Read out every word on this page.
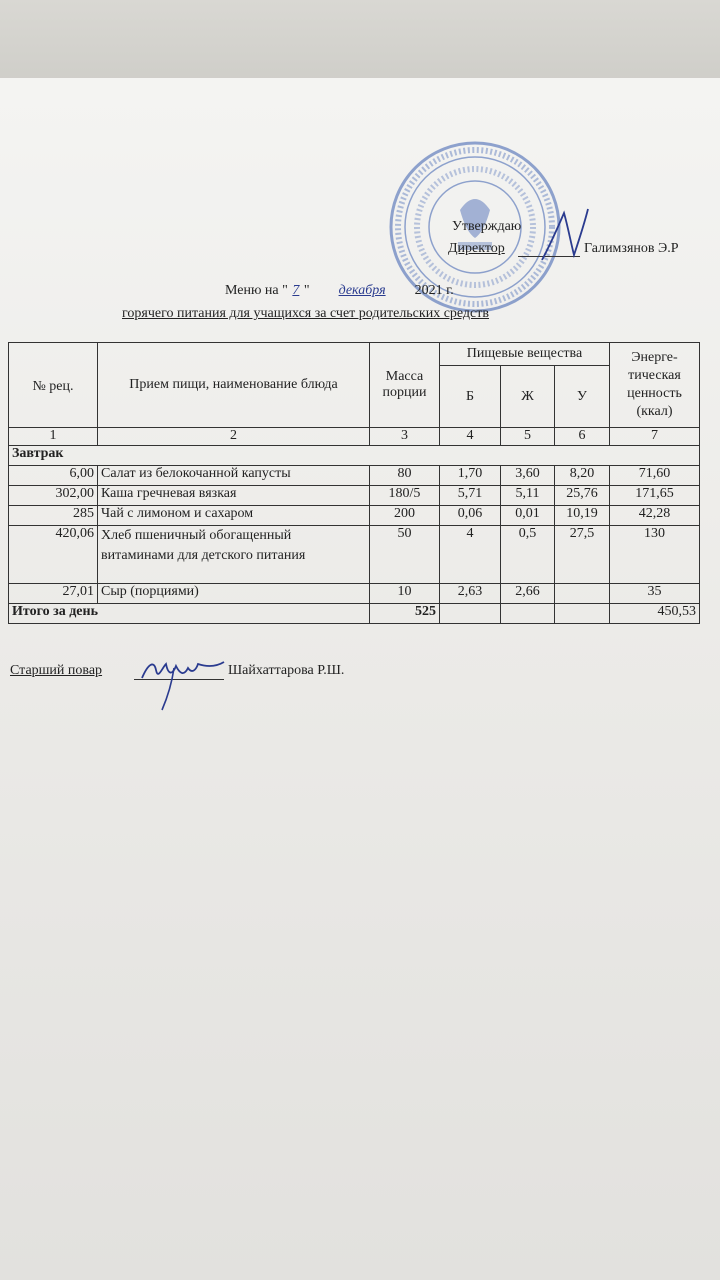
Утверждаю
Директор	Галимзянов Э.Р
Меню на " 7 " декабря 2021 г.
горячего питания для учащихся за счет родительских средств
№ рец.	Прием пищи, наименование блюда	Масса порции	Пищевые вещества			Энерге-тическая ценность (ккал)
			Б	Ж	У	
1	2	3	4	5	6	7
Завтрак						
6,00	Салат из белокочанной капусты	80	1,70	3,60	8,20	71,60
302,00	Каша гречневая вязкая	180/5	5,71	5,11	25,76	171,65
285	Чай с лимоном и сахаром	200	0,06	0,01	10,19	42,28
420,06	Хлеб пшеничный обогащенный витаминами для детского питания	50	4	0,5	27,5	130
27,01	Сыр (порциями)	10	2,63	2,66		35
Итого за день		525				450,53
Старший повар	Шайхаттарова Р.Ш.
